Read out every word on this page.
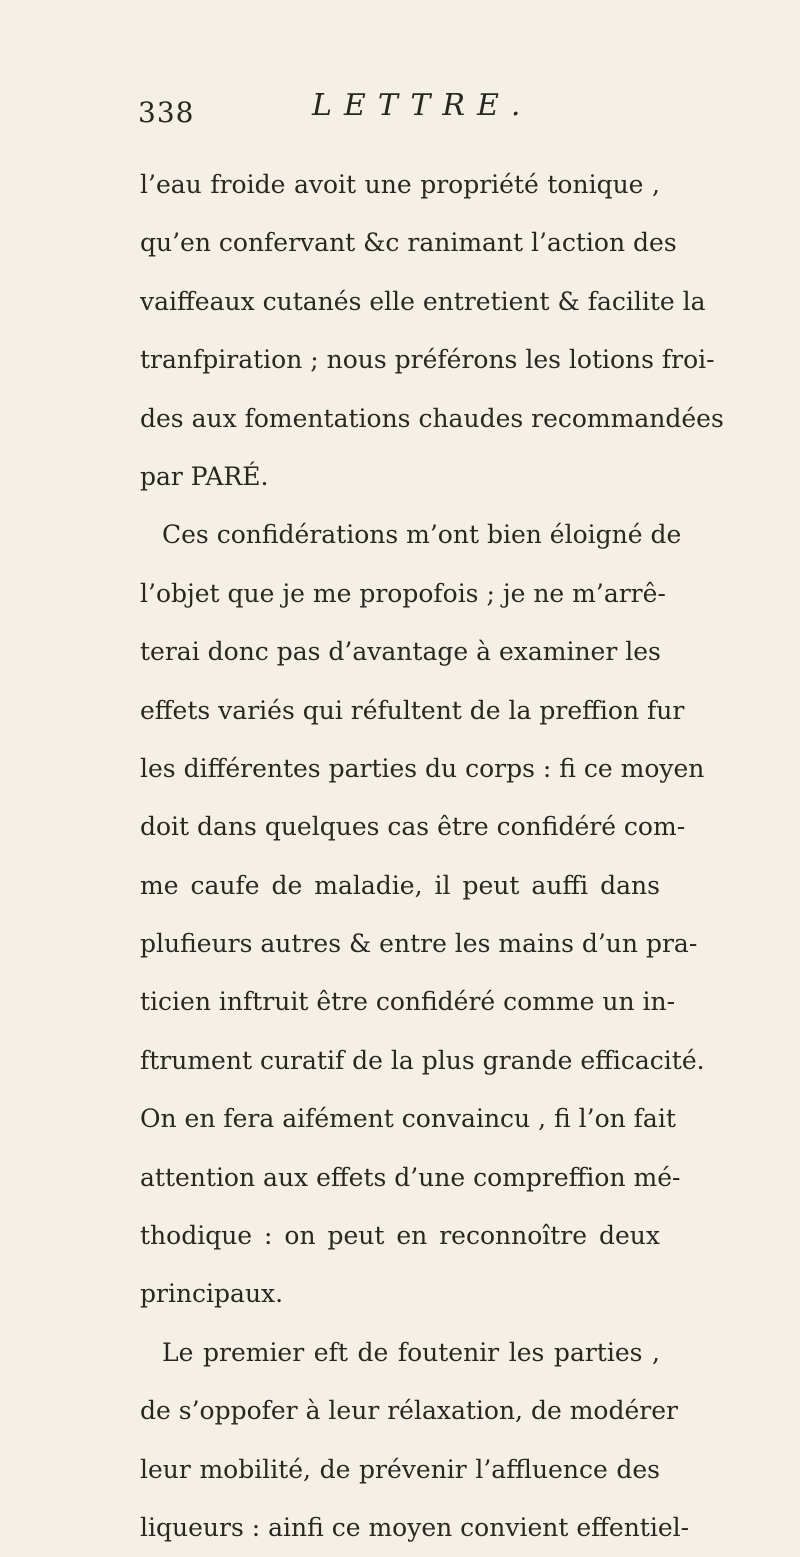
338	LETTRE.
l’eau froide avoit une propriété tonique ,
qu’en confervant &c ranimant l’action des
vaiffeaux cutanés elle entretient & facilite la
tranfpiration ; nous préférons les lotions froi-
des aux fomentations chaudes recommandées
par PARÉ.
Ces confidérations m’ont bien éloigné de
l’objet que je me propofois ; je ne m’arrê-
terai donc pas d’avantage à examiner les
effets variés qui réfultent de la preffion fur
les différentes parties du corps : fi ce moyen
doit dans quelques cas être confidéré com-
me caufe de maladie, il peut auffi dans
plufieurs autres & entre les mains d’un pra-
ticien inftruit être confidéré comme un in-
ftrument curatif de la plus grande efficacité.
On en fera aifément convaincu , fi l’on fait
attention aux effets d’une compreffion mé-
thodique : on peut en reconnoître deux
principaux.
Le premier eft de foutenir les parties ,
de s’oppofer à leur rélaxation, de modérer
leur mobilité, de prévenir l’affluence des
liqueurs : ainfi ce moyen convient effentiel-
